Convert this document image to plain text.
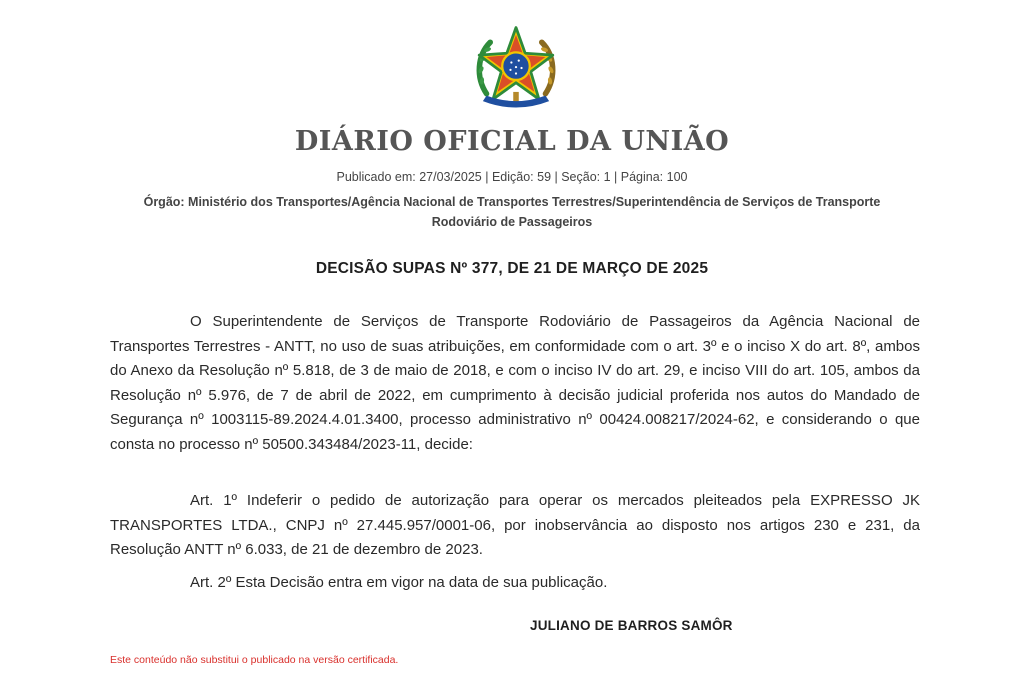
DIÁRIO OFICIAL DA UNIÃO
Publicado em: 27/03/2025 | Edição: 59 | Seção: 1 | Página: 100
Órgão: Ministério dos Transportes/Agência Nacional de Transportes Terrestres/Superintendência de Serviços de Transporte Rodoviário de Passageiros
DECISÃO SUPAS Nº 377, DE 21 DE MARÇO DE 2025

O Superintendente de Serviços de Transporte Rodoviário de Passageiros da Agência Nacional de Transportes Terrestres - ANTT, no uso de suas atribuições, em conformidade com o art. 3º e o inciso X do art. 8º, ambos do Anexo da Resolução nº 5.818, de 3 de maio de 2018, e com o inciso IV do art. 29, e inciso VIII do art. 105, ambos da Resolução nº 5.976, de 7 de abril de 2022, em cumprimento à decisão judicial proferida nos autos do Mandado de Segurança nº 1003115-89.2024.4.01.3400, processo administrativo nº 00424.008217/2024-62, e considerando o que consta no processo nº 50500.343484/2023-11, decide:

Art. 1º Indeferir o pedido de autorização para operar os mercados pleiteados pela EXPRESSO JK TRANSPORTES LTDA., CNPJ nº 27.445.957/0001-06, por inobservância ao disposto nos artigos 230 e 231, da Resolução ANTT nº 6.033, de 21 de dezembro de 2023.

Art. 2º Esta Decisão entra em vigor na data de sua publicação.

JULIANO DE BARROS SAMÔR
Este conteúdo não substitui o publicado na versão certificada.
